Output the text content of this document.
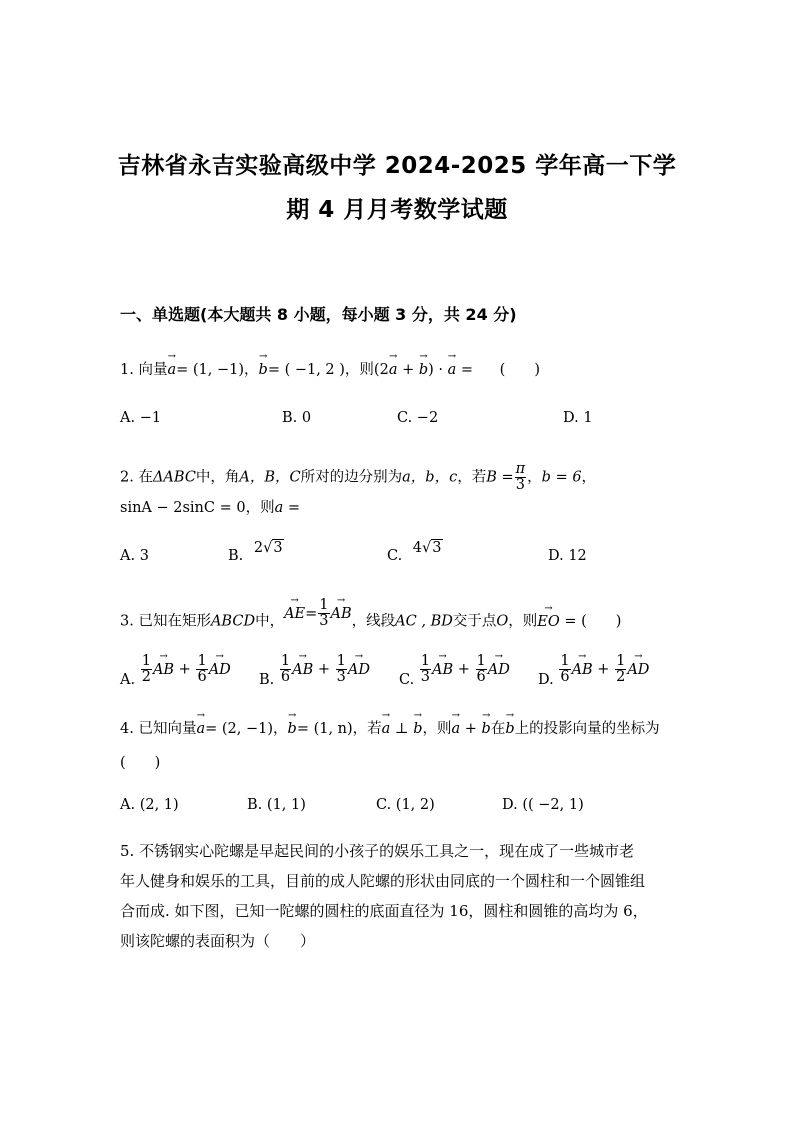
吉林省永吉实验高级中学 2024-2025 学年高一下学
期 4 月月考数学试题
一、单选题(本大题共 8 小题，每小题 3 分，共 24 分)
1. 向量→ a= (1, −1)，→ b= ( −1, 2 )，则(2→ a + → b) · → a = (　　)
A. −1	B. 0	C. −2	D. 1
2. 在ΔABC中，角A，B，C所对的边分别为a，b，c，若$B = \frac{\pi}{3}$ ，b = 6，
sinA − 2sinC = 0，则a =
A. 3	B. 2√3	C. 4√3	D. 12
3. 已知在矩形ABCD中，→ $AE= \frac{1}{3}$ → AB，线段AC , BD交于点O，则→ EO = (　　)
A. $\frac{1}{2}$ → AB + $\frac{1}{6}$ → AD
B. $\frac{1}{6}$ → AB + $\frac{1}{3}$ → AD
C. $\frac{1}{3}$ → AB + $\frac{1}{6}$ → AD
D. $\frac{1}{6}$ → AB + $\frac{1}{2}$ → AD
4. 已知向量→ a= (2, −1)，→ b= (1, n)，若→ a ⊥ → b，则→ a + → b在→ b上的投影向量的坐标为
(　　)
A. (2, 1)	B. (1, 1)	C. (1, 2)	D. (( −2, 1)
5. 不锈钢实心陀螺是早起民间的小孩子的娱乐工具之一，现在成了一些城市老
年人健身和娱乐的工具，目前的成人陀螺的形状由同底的一个圆柱和一个圆锥组
合而成. 如下图，已知一陀螺的圆柱的底面直径为 16，圆柱和圆锥的高均为 6，
则该陀螺的表面积为（　　）
